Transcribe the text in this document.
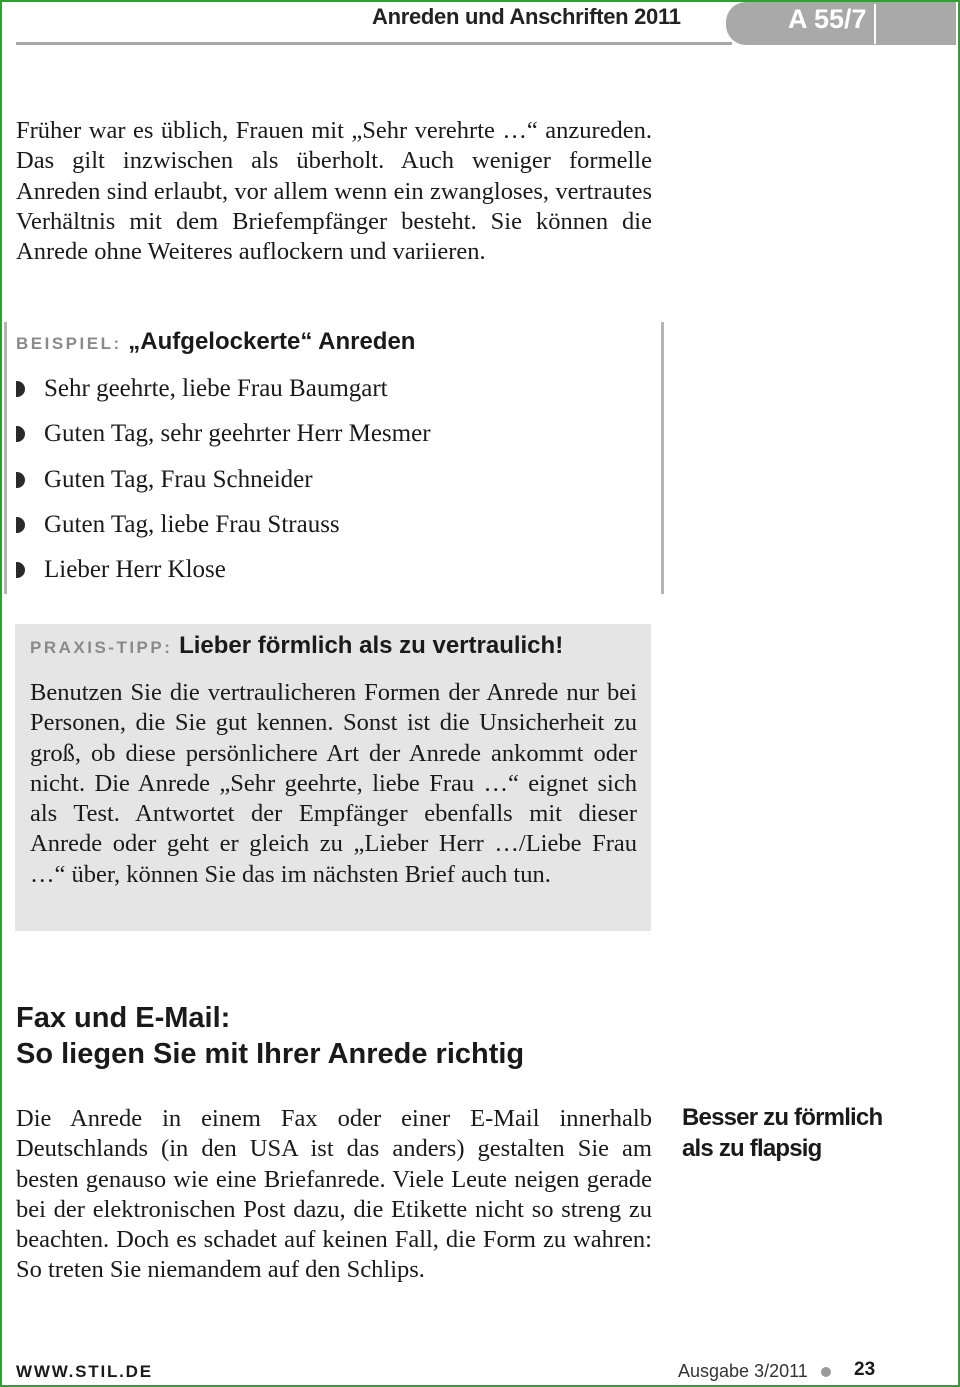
Anreden und Anschriften 2011	A 55/7

Früher war es üblich, Frauen mit „Sehr verehrte …“ anzureden. Das gilt inzwischen als überholt. Auch weniger formelle Anreden sind erlaubt, vor allem wenn ein zwangloses, vertrautes Verhältnis mit dem Briefempfänger besteht. Sie können die Anrede ohne Weiteres auflockern und variieren.

BEISPIEL: „Aufgelockerte“ Anreden
Sehr geehrte, liebe Frau Baumgart
Guten Tag, sehr geehrter Herr Mesmer
Guten Tag, Frau Schneider
Guten Tag, liebe Frau Strauss
Lieber Herr Klose
PRAXIS-TIPP: Lieber förmlich als zu vertraulich!

Benutzen Sie die vertraulicheren Formen der Anrede nur bei Personen, die Sie gut kennen. Sonst ist die Unsicherheit zu groß, ob diese persönlichere Art der Anrede ankommt oder nicht. Die Anrede „Sehr geehrte, liebe Frau …“ eignet sich als Test. Antwortet der Empfänger ebenfalls mit dieser Anrede oder geht er gleich zu „Lieber Herr …/Liebe Frau …“ über, können Sie das im nächsten Brief auch tun.

Fax und E-Mail:
So liegen Sie mit Ihrer Anrede richtig

Die Anrede in einem Fax oder einer E-Mail innerhalb Deutschlands (in den USA ist das anders) gestalten Sie am besten genauso wie eine Briefanrede. Viele Leute neigen gerade bei der elektronischen Post dazu, die Etikette nicht so streng zu beachten. Doch es schadet auf keinen Fall, die Form zu wahren: So treten Sie niemandem auf den Schlips.

Besser zu förmlich
als zu flapsig
WWW.STIL.DE	Ausgabe 3/2011 23
